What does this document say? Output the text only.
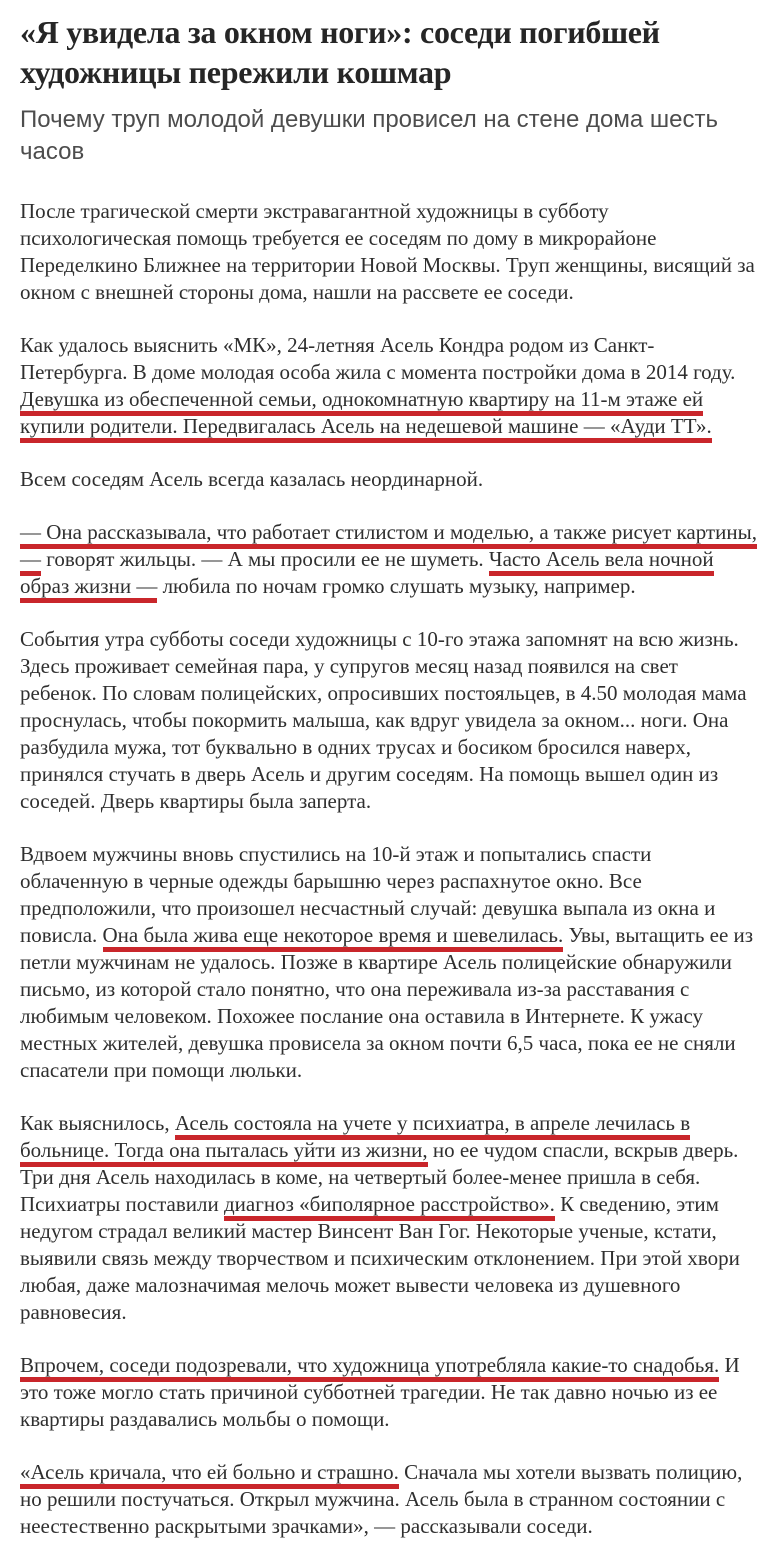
«Я увидела за окном ноги»: соседи погибшей художницы пережили кошмар
Почему труп молодой девушки провисел на стене дома шесть часов

После трагической смерти экстравагантной художницы в субботу психологическая помощь требуется ее соседям по дому в микрорайоне Переделкино Ближнее на территории Новой Москвы. Труп женщины, висящий за окном с внешней стороны дома, нашли на рассвете ее соседи.

Как удалось выяснить «МК», 24-летняя Асель Кондра родом из Санкт-Петербурга. В доме молодая особа жила с момента постройки дома в 2014 году. Девушка из обеспеченной семьи, однокомнатную квартиру на 11-м этаже ей купили родители. Передвигалась Асель на недешевой машине — «Ауди ТТ».

Всем соседям Асель всегда казалась неординарной.

— Она рассказывала, что работает стилистом и моделью, а также рисует картины, — говорят жильцы. — А мы просили ее не шуметь. Часто Асель вела ночной образ жизни — любила по ночам громко слушать музыку, например.

События утра субботы соседи художницы с 10-го этажа запомнят на всю жизнь. Здесь проживает семейная пара, у супругов месяц назад появился на свет ребенок. По словам полицейских, опросивших постояльцев, в 4.50 молодая мама проснулась, чтобы покормить малыша, как вдруг увидела за окном... ноги. Она разбудила мужа, тот буквально в одних трусах и босиком бросился наверх, принялся стучать в дверь Асель и другим соседям. На помощь вышел один из соседей. Дверь квартиры была заперта.

Вдвоем мужчины вновь спустились на 10-й этаж и попытались спасти облаченную в черные одежды барышню через распахнутое окно. Все предположили, что произошел несчастный случай: девушка выпала из окна и повисла. Она была жива еще некоторое время и шевелилась. Увы, вытащить ее из петли мужчинам не удалось. Позже в квартире Асель полицейские обнаружили письмо, из которой стало понятно, что она переживала из-за расставания с любимым человеком. Похожее послание она оставила в Интернете. К ужасу местных жителей, девушка провисела за окном почти 6,5 часа, пока ее не сняли спасатели при помощи люльки.

Как выяснилось, Асель состояла на учете у психиатра, в апреле лечилась в больнице. Тогда она пыталась уйти из жизни, но ее чудом спасли, вскрыв дверь. Три дня Асель находилась в коме, на четвертый более-менее пришла в себя. Психиатры поставили диагноз «биполярное расстройство». К сведению, этим недугом страдал великий мастер Винсент Ван Гог. Некоторые ученые, кстати, выявили связь между творчеством и психическим отклонением. При этой хвори любая, даже малозначимая мелочь может вывести человека из душевного равновесия.

Впрочем, соседи подозревали, что художница употребляла какие-то снадобья. И это тоже могло стать причиной субботней трагедии. Не так давно ночью из ее квартиры раздавались мольбы о помощи.

«Асель кричала, что ей больно и страшно. Сначала мы хотели вызвать полицию, но решили постучаться. Открыл мужчина. Асель была в странном состоянии с неестественно раскрытыми зрачками», — рассказывали соседи.
